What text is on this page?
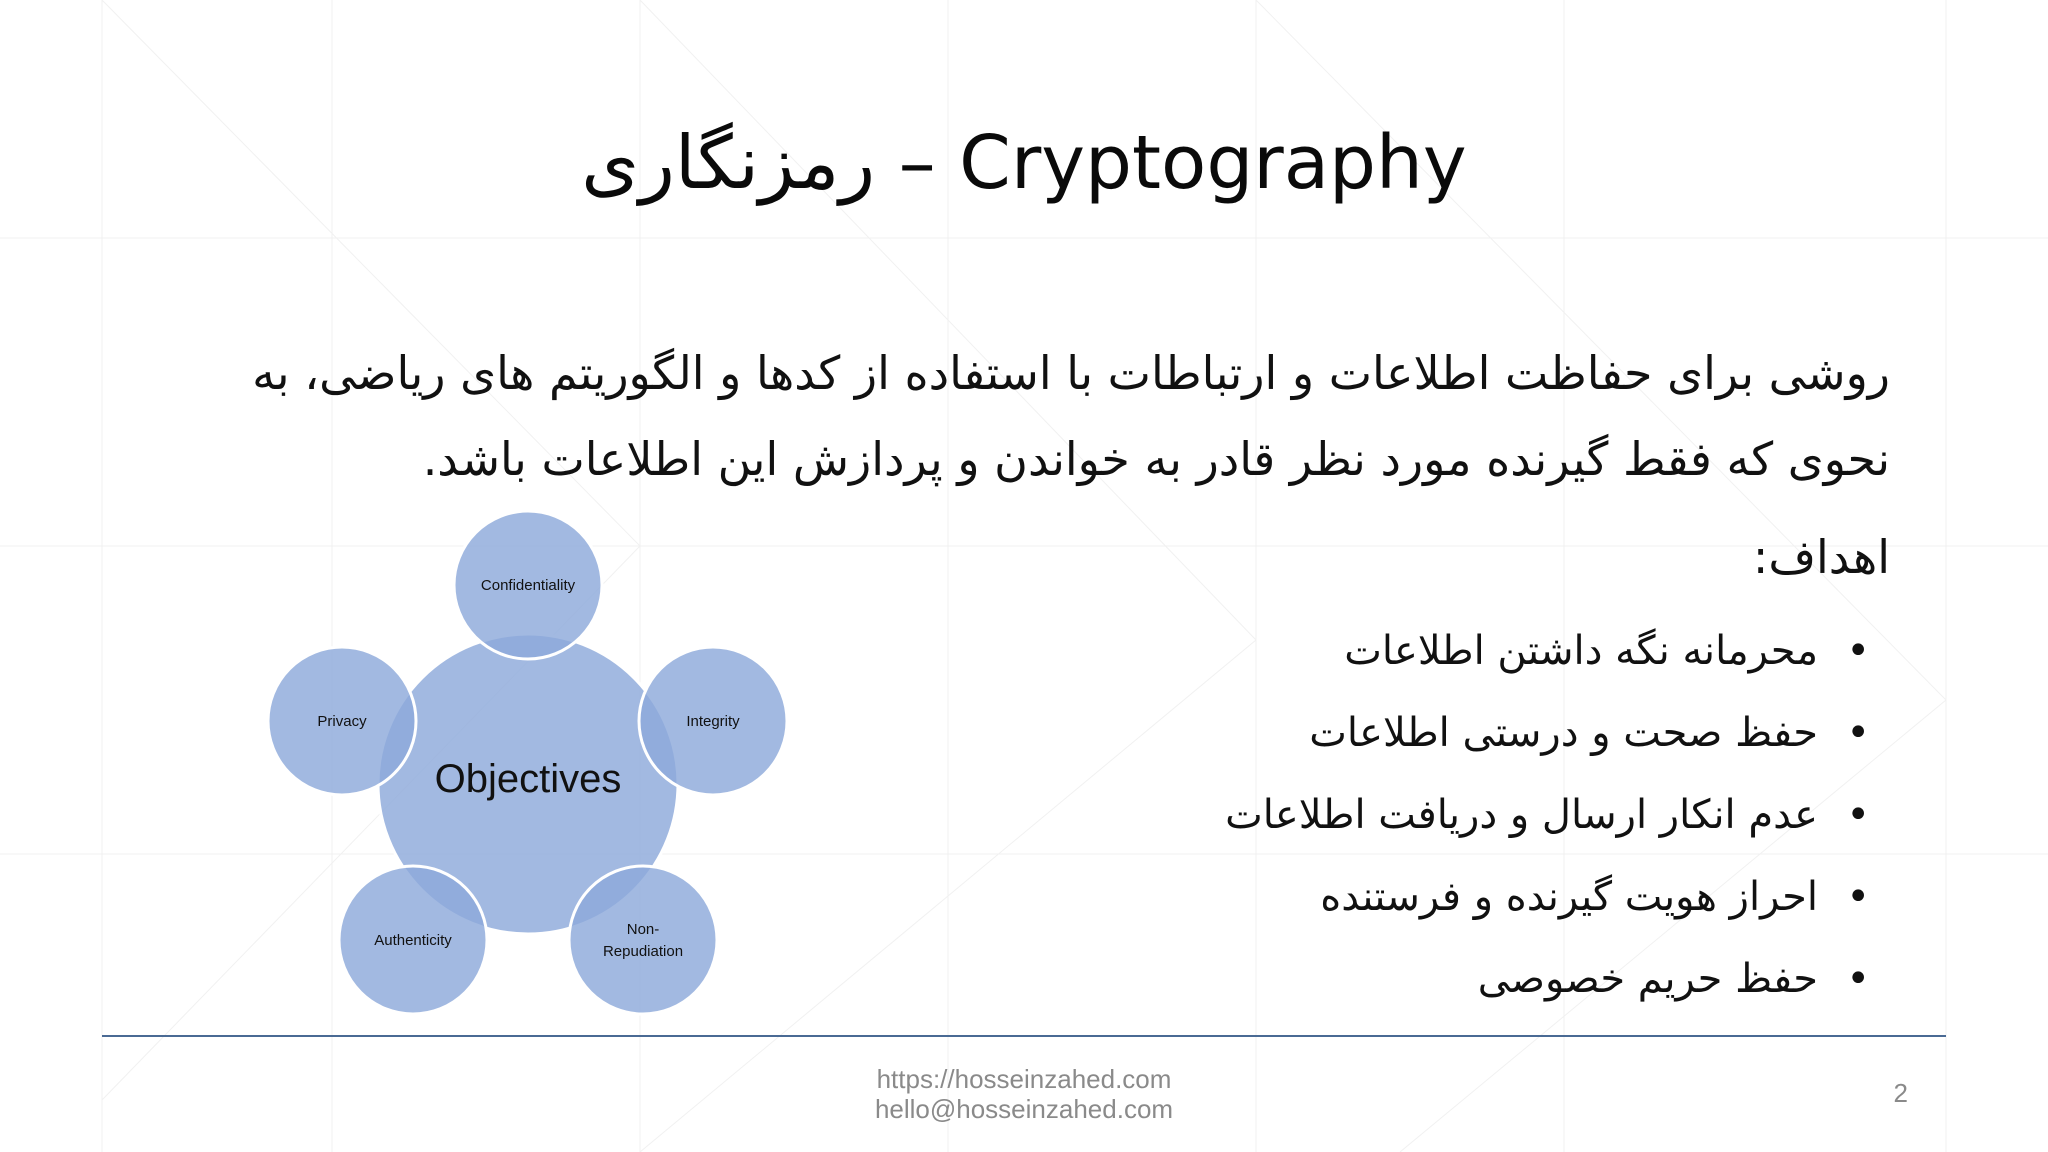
رمزنگاری – Cryptography
روشی برای حفاظت اطلاعات و ارتباطات با استفاده از کدها و الگوریتم های ریاضی، به نحوی که فقط گیرنده مورد نظر قادر به خواندن و پردازش این اطلاعات باشد.
اهداف:
•
محرمانه نگه داشتن اطلاعات
•
حفظ صحت و درستی اطلاعات
•
عدم انکار ارسال و دریافت اطلاعات
•
احراز هویت گیرنده و فرستنده
•
حفظ حریم خصوصی
Objectives
Confidentiality
Integrity
Non-
Repudiation
Authenticity
Privacy
https://hosseinzahed.com
hello@hosseinzahed.com
2
